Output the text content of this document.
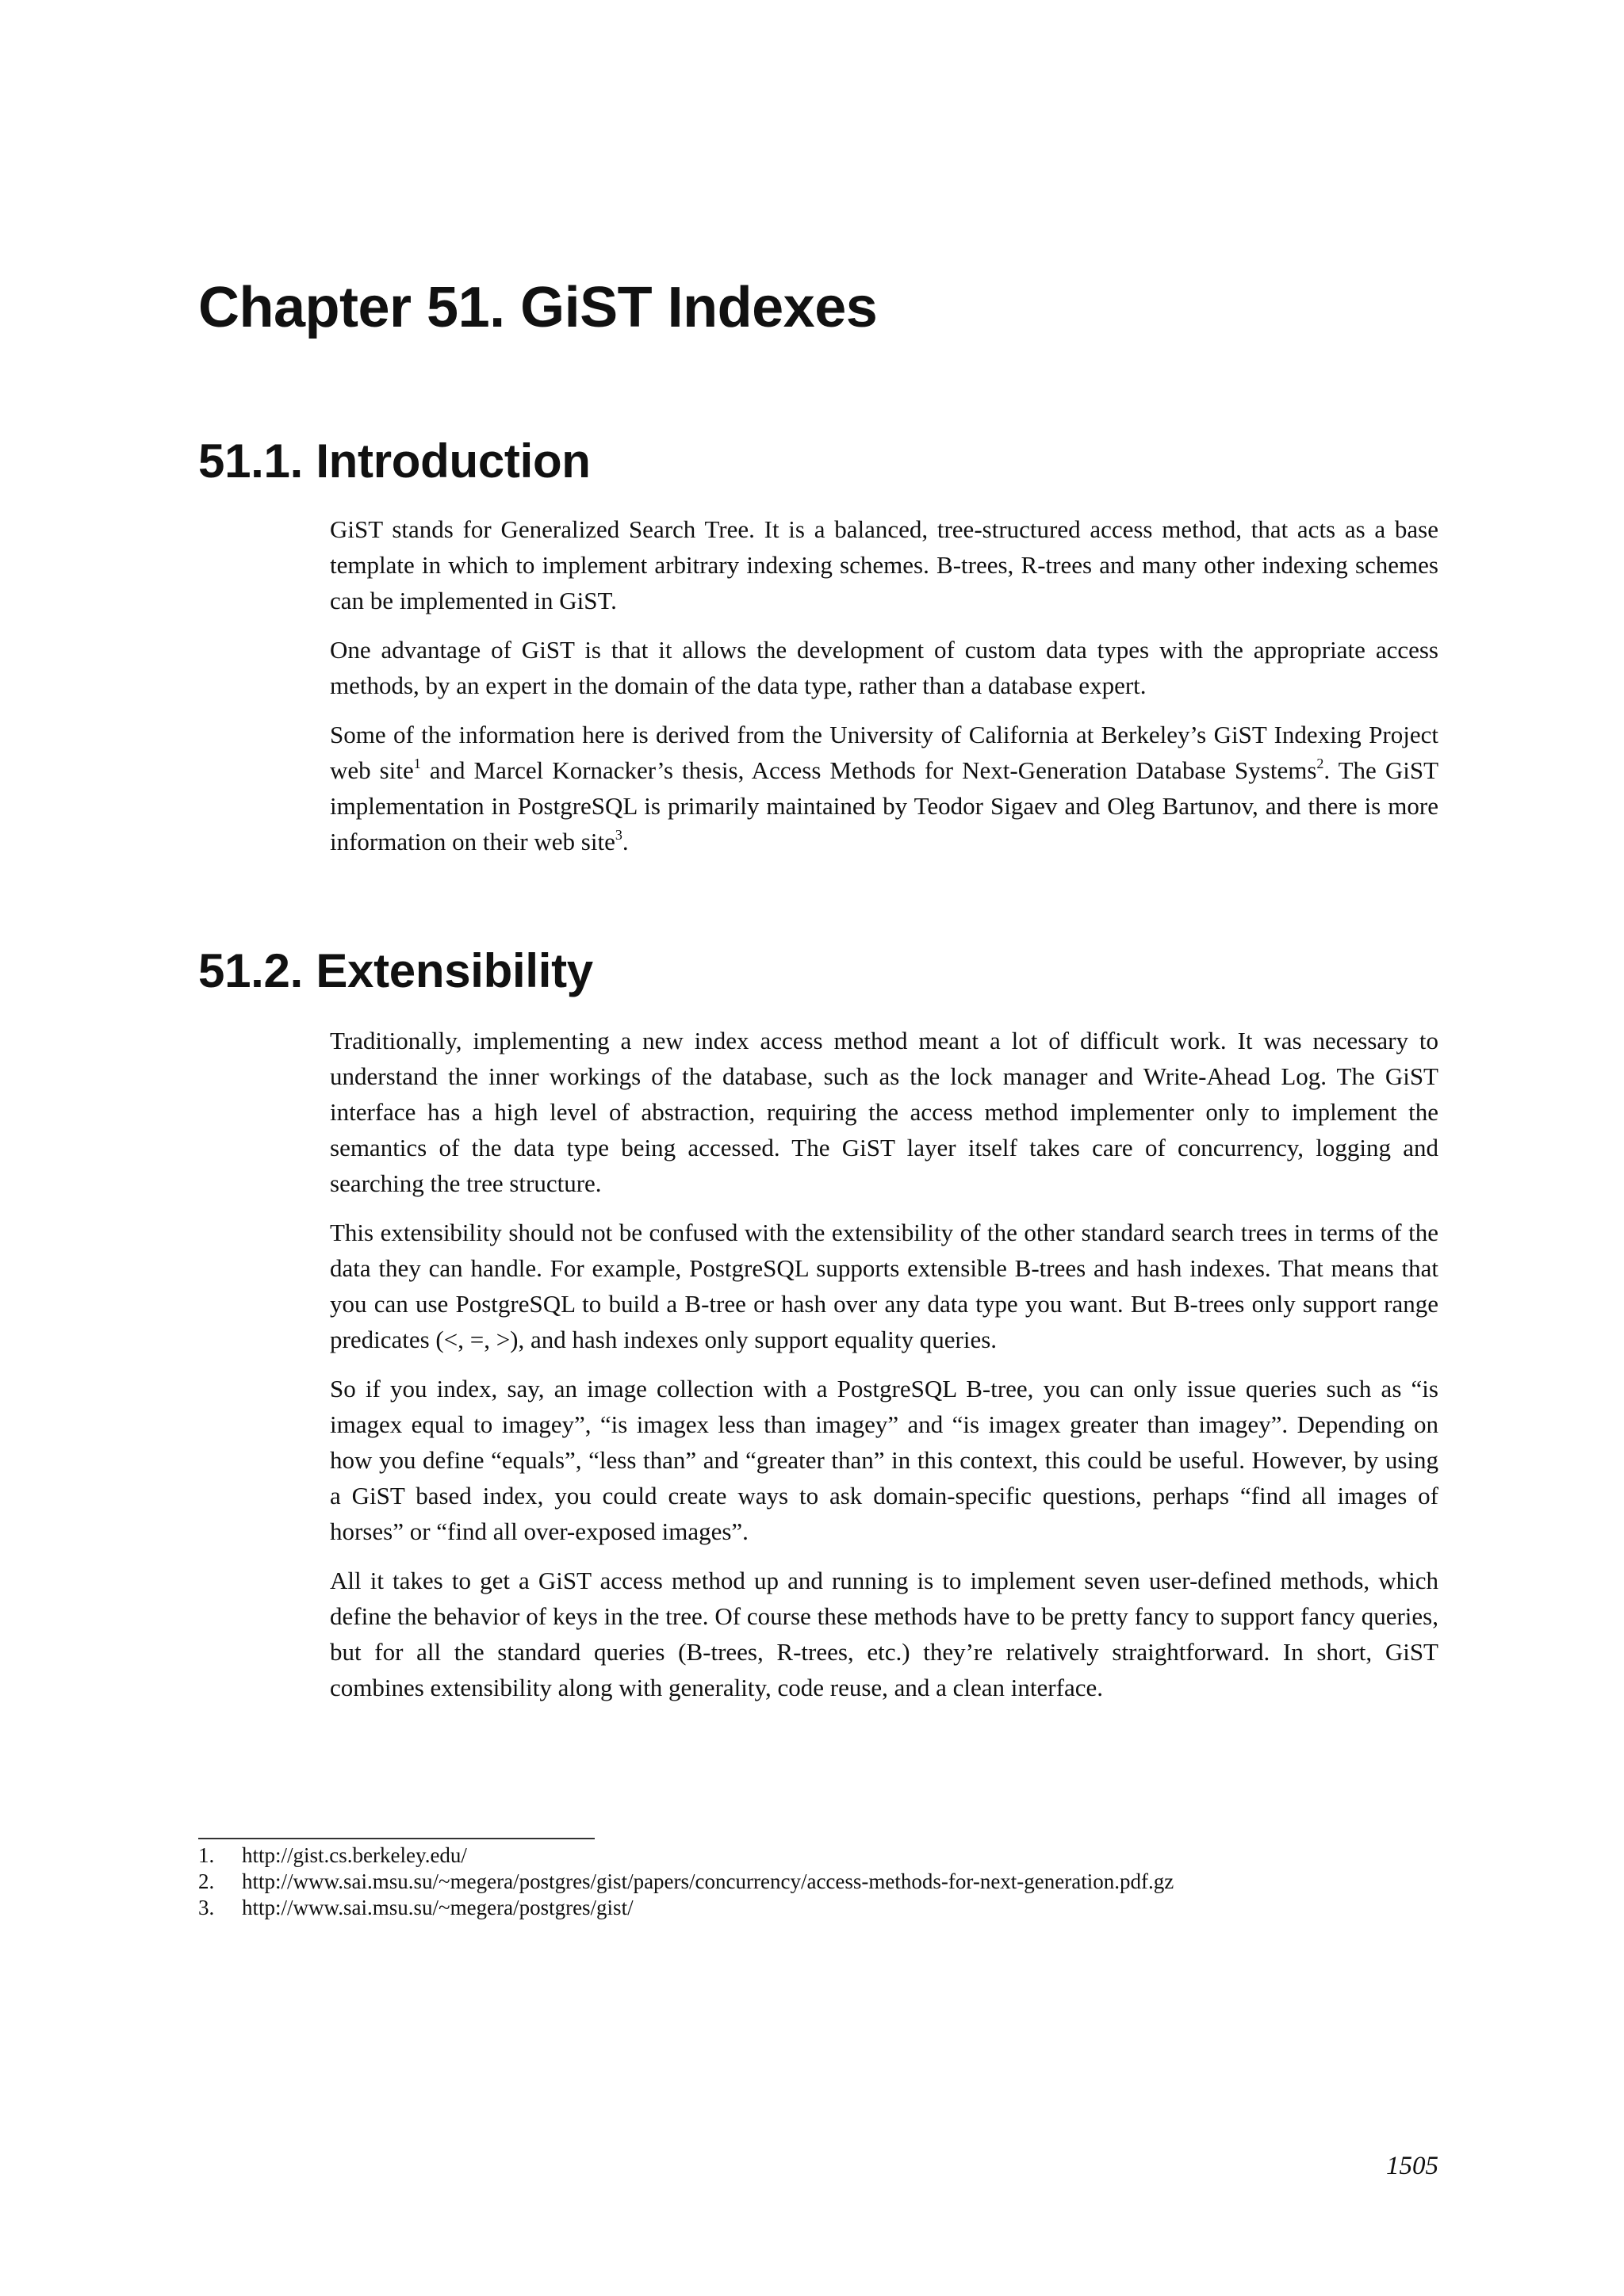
Chapter 51. GiST Indexes
51.1. Introduction

GiST stands for Generalized Search Tree. It is a balanced, tree-structured access method, that acts as a base template in which to implement arbitrary indexing schemes. B-trees, R-trees and many other indexing schemes can be implemented in GiST.

One advantage of GiST is that it allows the development of custom data types with the appropriate access methods, by an expert in the domain of the data type, rather than a database expert.

Some of the information here is derived from the University of California at Berkeley’s GiST Indexing Project web site$^1$ and Marcel Kornacker’s thesis, Access Methods for Next-Generation Database Systems$^2$. The GiST implementation in PostgreSQL is primarily maintained by Teodor Sigaev and Oleg Bartunov, and there is more information on their web site$^3$.

51.2. Extensibility

Traditionally, implementing a new index access method meant a lot of difficult work. It was necessary to understand the inner workings of the database, such as the lock manager and Write-Ahead Log. The GiST interface has a high level of abstraction, requiring the access method implementer only to implement the semantics of the data type being accessed. The GiST layer itself takes care of concurrency, logging and searching the tree structure.

This extensibility should not be confused with the extensibility of the other standard search trees in terms of the data they can handle. For example, PostgreSQL supports extensible B-trees and hash indexes. That means that you can use PostgreSQL to build a B-tree or hash over any data type you want. But B-trees only support range predicates (<, =, >), and hash indexes only support equality queries.

So if you index, say, an image collection with a PostgreSQL B-tree, you can only issue queries such as “is imagex equal to imagey”, “is imagex less than imagey” and “is imagex greater than imagey”. Depending on how you define “equals”, “less than” and “greater than” in this context, this could be useful. However, by using a GiST based index, you could create ways to ask domain-specific questions, perhaps “find all images of horses” or “find all over-exposed images”.

All it takes to get a GiST access method up and running is to implement seven user-defined methods, which define the behavior of keys in the tree. Of course these methods have to be pretty fancy to support fancy queries, but for all the standard queries (B-trees, R-trees, etc.) they’re relatively straightforward. In short, GiST combines extensibility along with generality, code reuse, and a clean interface.

1.	http://gist.cs.berkeley.edu/
2.	http://www.sai.msu.su/~megera/postgres/gist/papers/concurrency/access-methods-for-next-generation.pdf.gz
3.	http://www.sai.msu.su/~megera/postgres/gist/
1505
